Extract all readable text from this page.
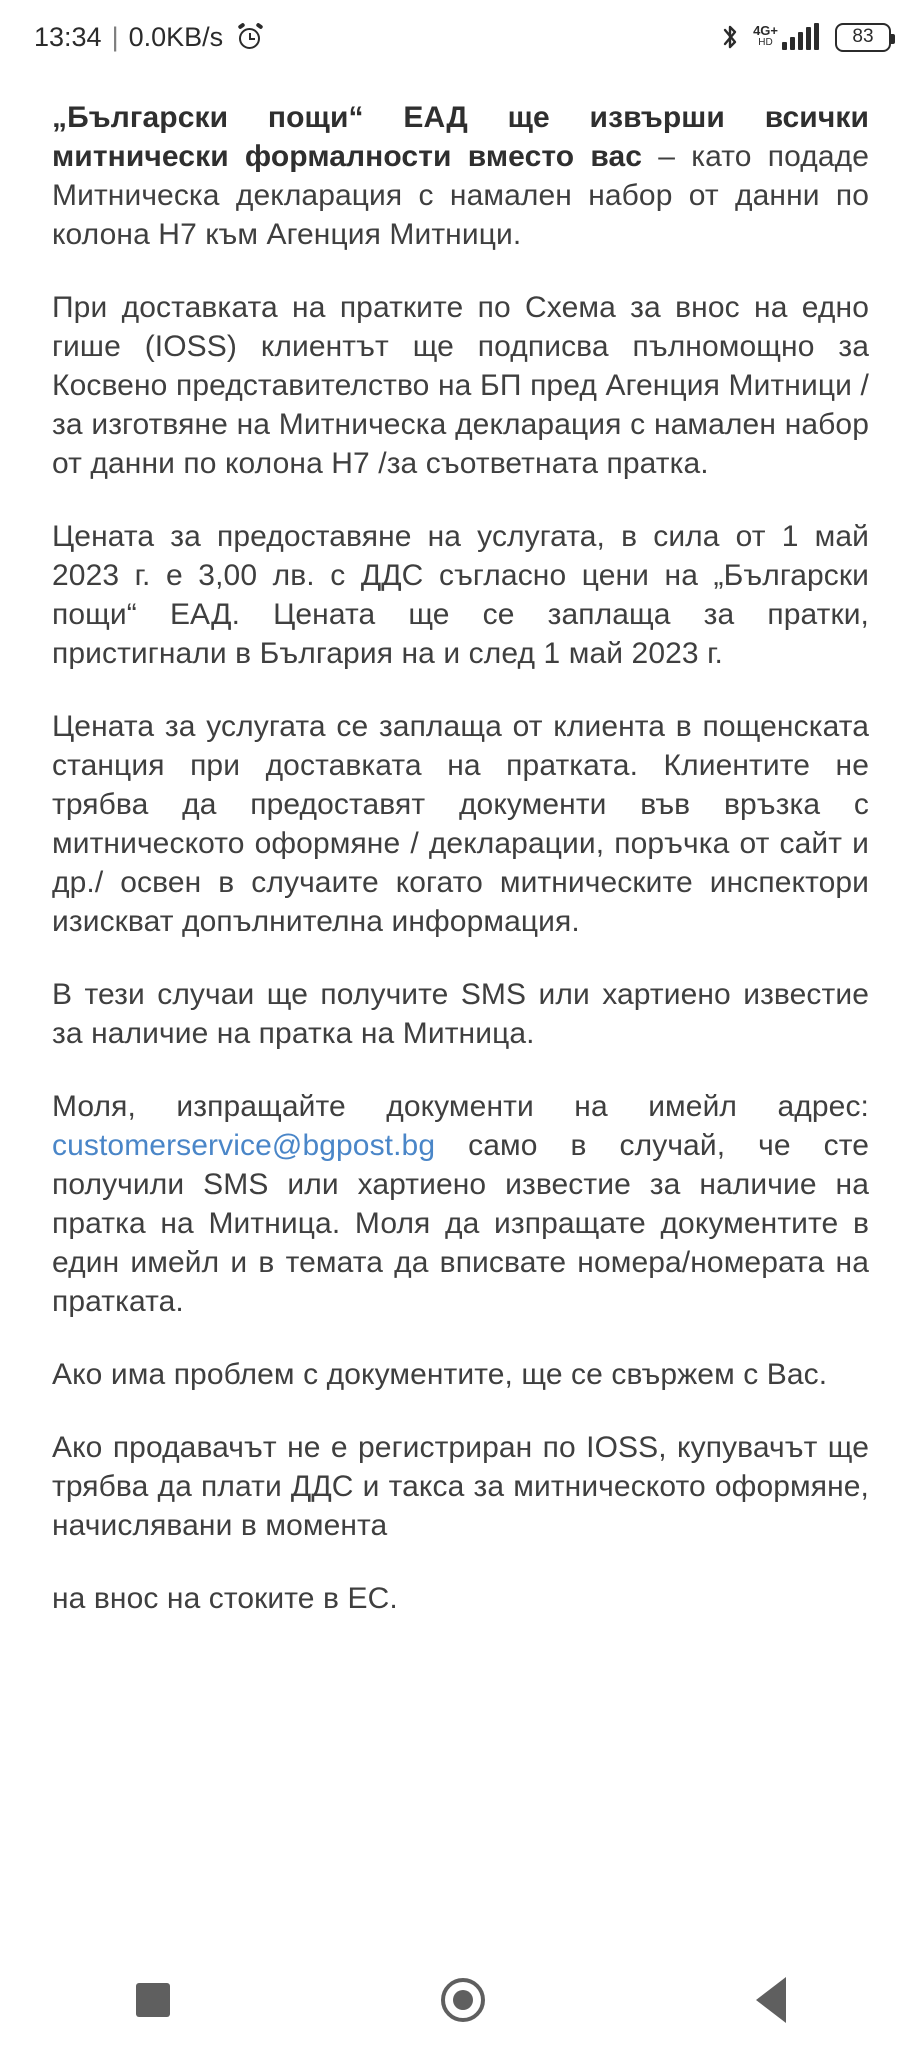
13:34 | 0.0KB/s	4G+
HD	83

„Български пощи“ ЕАД ще извърши всички митнически формалности вместо вас – като подаде Митническа декларация с намален набор от данни по колона Н7 към Агенция Митници.

При доставката на пратките по Схема за внос на едно гише (IOSS) клиентът ще подписва пълномощно за Косвено представителство на БП пред Агенция Митници / за изготвяне на Митническа декларация с намален набор от данни по колона Н7 /за съответната пратка.

Цената за предоставяне на услугата, в сила от 1 май 2023 г. е 3,00 лв. с ДДС съгласно цени на „Български пощи“ ЕАД. Цената ще се заплаща за пратки, пристигнали в България на и след 1 май 2023 г.

Цената за услугата се заплаща от клиента в пощенската станция при доставката на пратката. Клиентите не трябва да предоставят документи във връзка с митническото оформяне / декларации, поръчка от сайт и др./ освен в случаите когато митническите инспектори изискват допълнителна информация.

В тези случаи ще получите SMS или хартиено известие за наличие на пратка на Митница.

Моля, изпращайте документи на имейл адрес: customerservice@bgpost.bg само в случай, че сте получили SMS или хартиено известие за наличие на пратка на Митница. Моля да изпращате документите в един имейл и в темата да вписвате номера/номерата на пратката.

Ако има проблем с документите, ще се свържем с Вас.

Ако продавачът не е регистриран по IOSS, купувачът ще трябва да плати ДДС и такса за митническото оформяне, начислявани в момента

на внос на стоките в ЕС.
